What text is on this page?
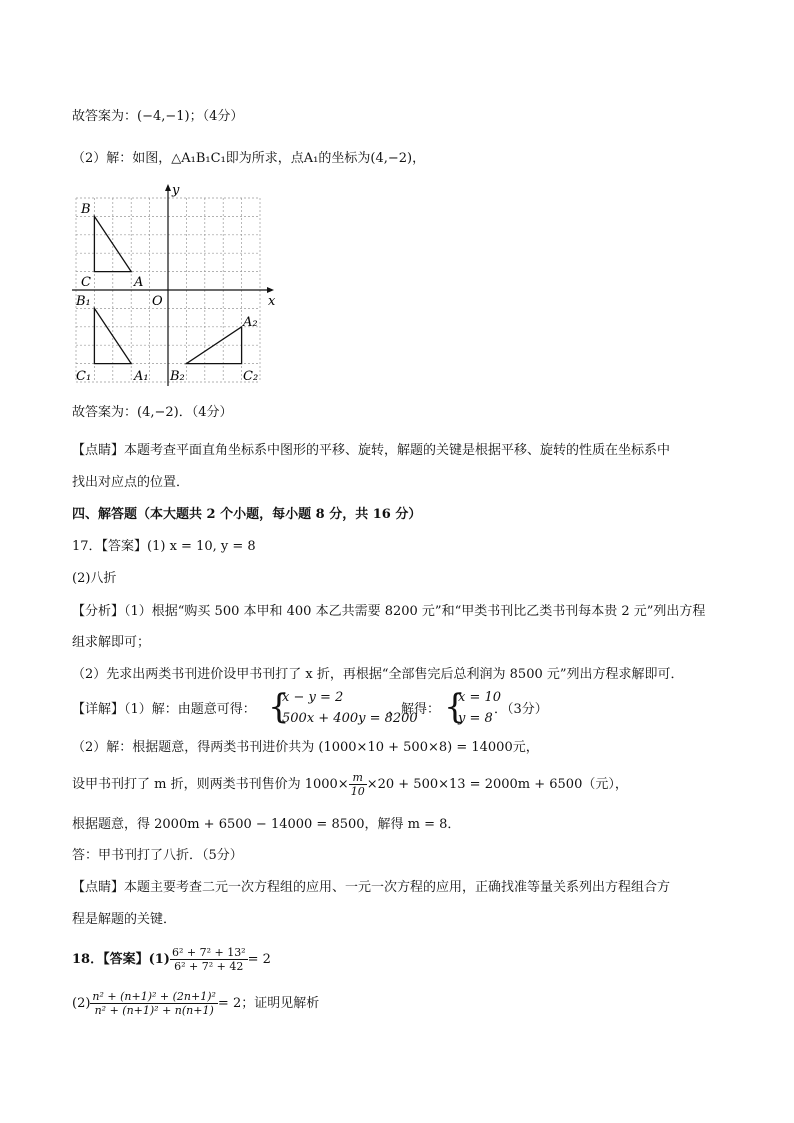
故答案为：(−4,−1)；（4分）
（2）解：如图，△A₁B₁C₁即为所求，点A₁的坐标为(4,−2)，
B
C	A
B₁	O	x
y
C₁	A₁ B₂
A₂
C₂
故答案为：(4,−2)．（4分）
【点睛】本题考查平面直角坐标系中图形的平移、旋转，解题的关键是根据平移、旋转的性质在坐标系中
找出对应点的位置．
四、解答题（本大题共 2 个小题，每小题 8 分，共 16 分）
17．【答案】(1) x = 10, y = 8
(2)八折
【分析】（1）根据“购买 500 本甲和 400 本乙共需要 8200 元”和“甲类书刊比乙类书刊每本贵 2 元”列出方程
组求解即可；
（2）先求出两类书刊进价设甲书刊打了 x 折，再根据“全部售完后总利润为 8500 元”列出方程求解即可．
【详解】（1）解：由题意可得： {
x − y = 2
500x + 400y = 8200
，解得： {
x = 10
y = 8
．（3分）
（2）解：根据题意，得两类书刊进价共为 (1000×10 + 500×8) = 14000元，
设甲书刊打了 m 折，则两类书刊售价为 $1000\times \frac{m}{10} \times 20 + 500\times 13 = 2000m + 6500$（元），
根据题意，得 2000m + 6500 − 14000 = 8500，解得 m = 8．
答：甲书刊打了八折．（5分）
【点睛】本题主要考查二元一次方程组的应用、一元一次方程的应用，正确找准等量关系列出方程组合方
程是解题的关键．
18．【答案】$(1) \frac{\text{6² + 7² + 13²}}{\text{6² + 7² + 42}} = 2$
$(2) \frac{\text{n² + (n+1)² + (2n+1)²}}{\text{n² + (n+1)² + n(n+1)}} = 2$；证明见解析
